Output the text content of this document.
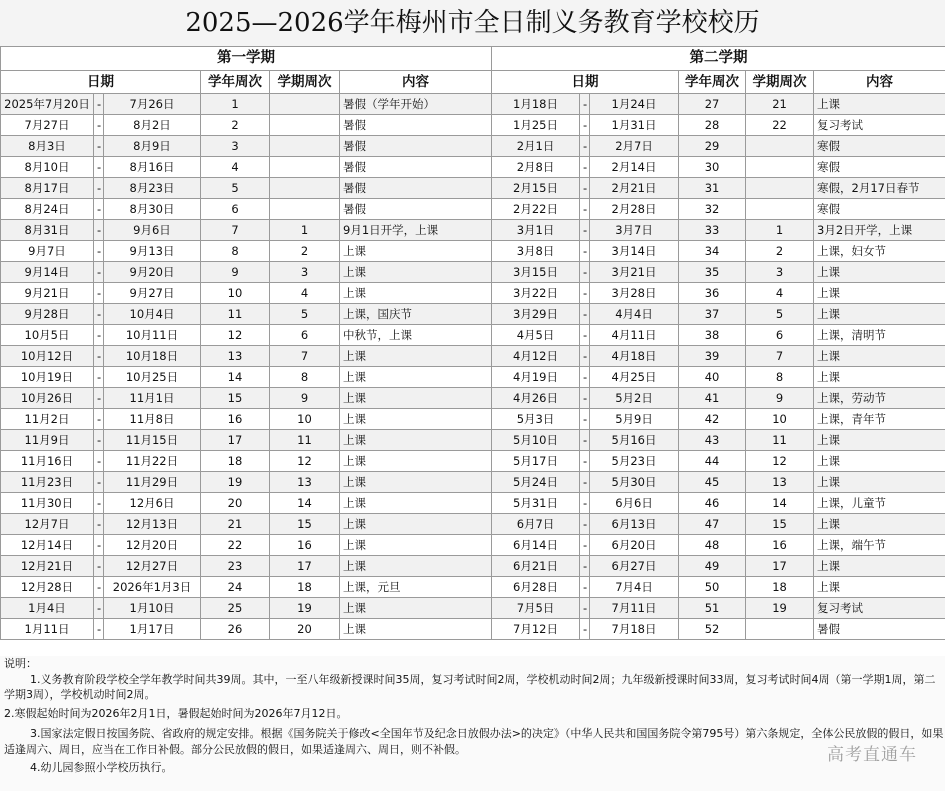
2025—2026学年梅州市全日制义务教育学校校历
第一学期						第二学期					
日期			学年周次	学期周次	内容	日期			学年周次	学期周次	内容
2025年7月20日	-	7月26日	1		暑假（学年开始）	1月18日	-	1月24日	27	21	上课
7月27日	-	8月2日	2		暑假	1月25日	-	1月31日	28	22	复习考试
8月3日	-	8月9日	3		暑假	2月1日	-	2月7日	29		寒假
8月10日	-	8月16日	4		暑假	2月8日	-	2月14日	30		寒假
8月17日	-	8月23日	5		暑假	2月15日	-	2月21日	31		寒假，2月17日春节
8月24日	-	8月30日	6		暑假	2月22日	-	2月28日	32		寒假
8月31日	-	9月6日	7	1	9月1日开学，上课	3月1日	-	3月7日	33	1	3月2日开学，上课
9月7日	-	9月13日	8	2	上课	3月8日	-	3月14日	34	2	上课，妇女节
9月14日	-	9月20日	9	3	上课	3月15日	-	3月21日	35	3	上课
9月21日	-	9月27日	10	4	上课	3月22日	-	3月28日	36	4	上课
9月28日	-	10月4日	11	5	上课，国庆节	3月29日	-	4月4日	37	5	上课
10月5日	-	10月11日	12	6	中秋节，上课	4月5日	-	4月11日	38	6	上课，清明节
10月12日	-	10月18日	13	7	上课	4月12日	-	4月18日	39	7	上课
10月19日	-	10月25日	14	8	上课	4月19日	-	4月25日	40	8	上课
10月26日	-	11月1日	15	9	上课	4月26日	-	5月2日	41	9	上课，劳动节
11月2日	-	11月8日	16	10	上课	5月3日	-	5月9日	42	10	上课，青年节
11月9日	-	11月15日	17	11	上课	5月10日	-	5月16日	43	11	上课
11月16日	-	11月22日	18	12	上课	5月17日	-	5月23日	44	12	上课
11月23日	-	11月29日	19	13	上课	5月24日	-	5月30日	45	13	上课
11月30日	-	12月6日	20	14	上课	5月31日	-	6月6日	46	14	上课，儿童节
12月7日	-	12月13日	21	15	上课	6月7日	-	6月13日	47	15	上课
12月14日	-	12月20日	22	16	上课	6月14日	-	6月20日	48	16	上课，端午节
12月21日	-	12月27日	23	17	上课	6月21日	-	6月27日	49	17	上课
12月28日	-	2026年1月3日	24	18	上课，元旦	6月28日	-	7月4日	50	18	上课
1月4日	-	1月10日	25	19	上课	7月5日	-	7月11日	51	19	复习考试
1月11日	-	1月17日	26	20	上课	7月12日	-	7月18日	52		暑假
说明：
1.义务教育阶段学校全学年教学时间共39周。其中，一至八年级新授课时间35周，复习考试时间2周，学校机动时间2周；九年级新授课时间33周，复习考试时间4周（第一学期1周，第二学期3周），学校机动时间2周。
2.寒假起始时间为2026年2月1日，暑假起始时间为2026年7月12日。
3.国家法定假日按国务院、省政府的规定安排。根据《国务院关于修改<全国年节及纪念日放假办法>的决定》（中华人民共和国国务院令第795号）第六条规定，全体公民放假的假日，如果适逢周六、周日，应当在工作日补假。部分公民放假的假日，如果适逢周六、周日，则不补假。
4.幼儿园参照小学校历执行。
高考直通车
